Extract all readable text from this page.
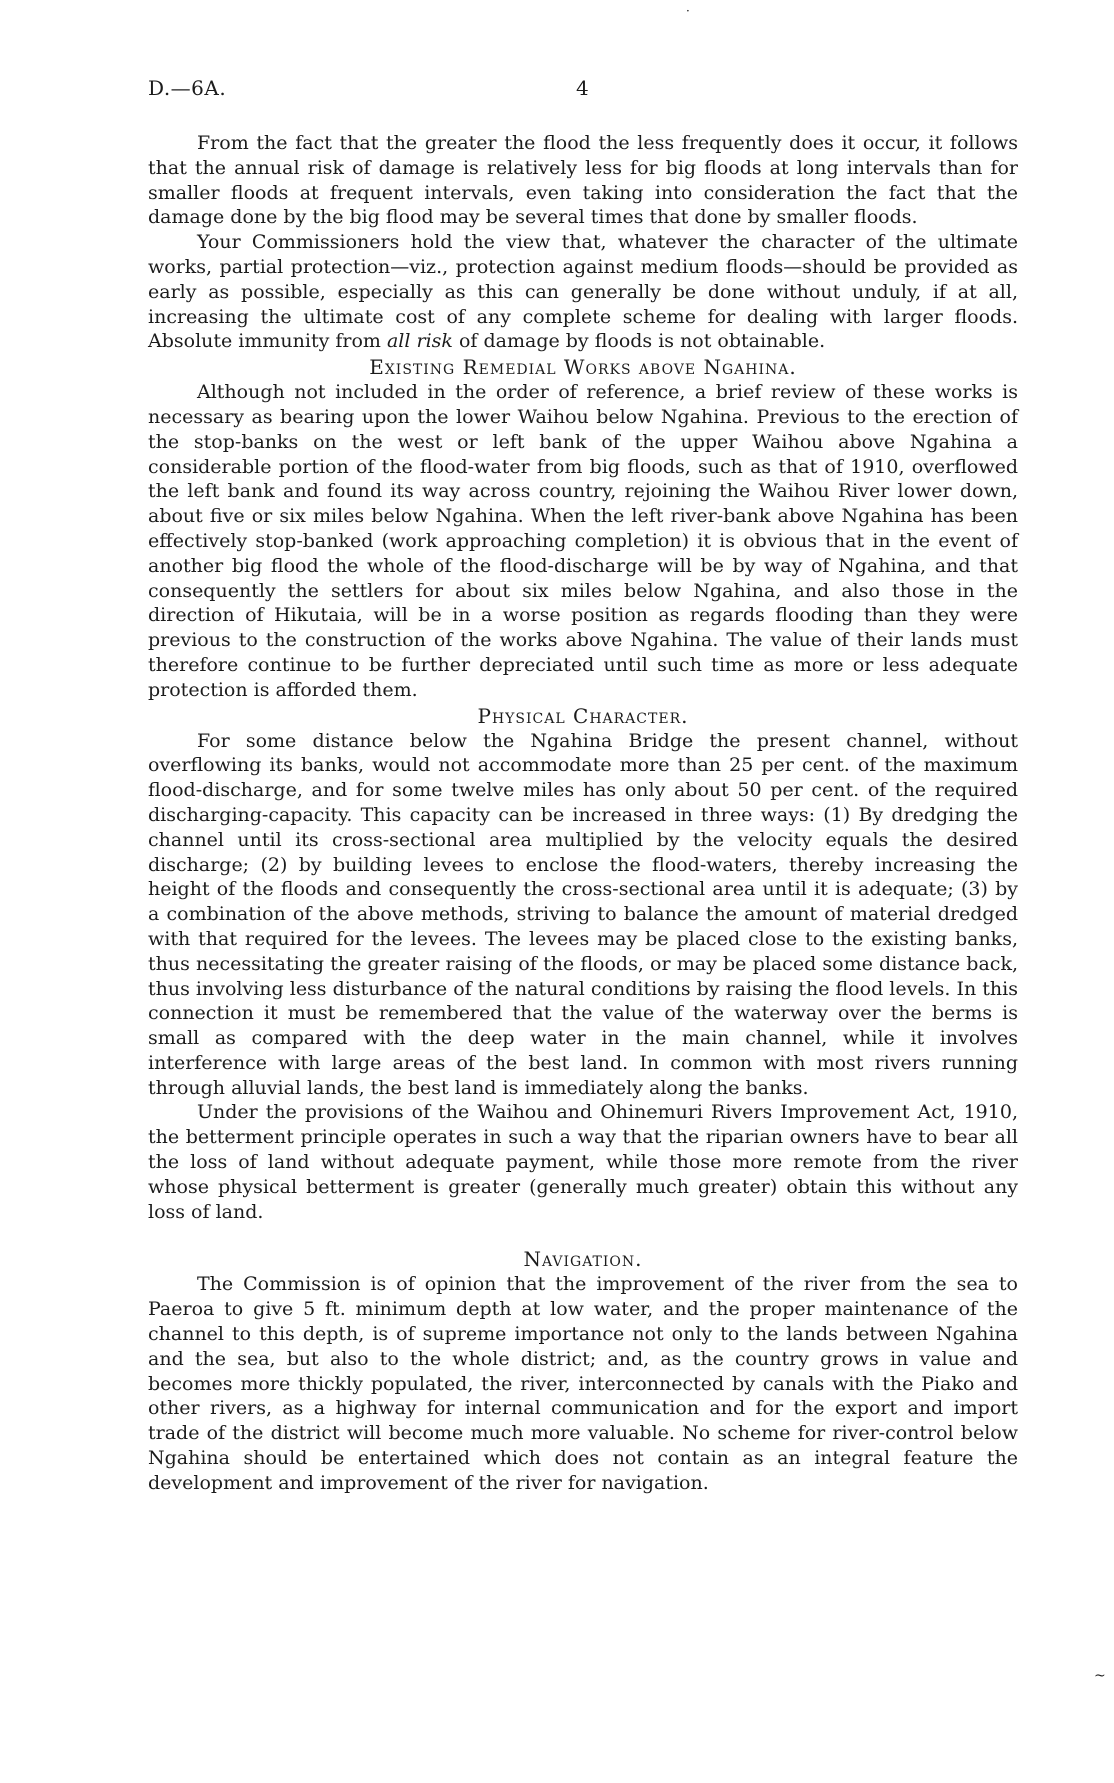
·
D.—6A.	4

From the fact that the greater the flood the less frequently does it occur, it follows that the annual risk of damage is relatively less for big floods at long intervals than for smaller floods at frequent intervals, even taking into consideration the fact that the damage done by the big flood may be several times that done by smaller floods.

Your Commissioners hold the view that, whatever the character of the ultimate works, partial protection—viz., protection against medium floods—should be provided as early as possible, especially as this can generally be done without unduly, if at all, increasing the ultimate cost of any complete scheme for dealing with larger floods. Absolute immunity from all risk of damage by floods is not obtainable.

Existing Remedial Works above Ngahina.

Although not included in the order of reference, a brief review of these works is necessary as bearing upon the lower Waihou below Ngahina. Previous to the erection of the stop-banks on the west or left bank of the upper Waihou above Ngahina a considerable portion of the flood-water from big floods, such as that of 1910, overflowed the left bank and found its way across country, rejoining the Waihou River lower down, about five or six miles below Ngahina. When the left river-bank above Ngahina has been effectively stop-banked (work approaching completion) it is obvious that in the event of another big flood the whole of the flood-discharge will be by way of Ngahina, and that consequently the settlers for about six miles below Ngahina, and also those in the direction of Hikutaia, will be in a worse position as regards flooding than they were previous to the construction of the works above Ngahina. The value of their lands must therefore continue to be further depreciated until such time as more or less adequate protection is afforded them.

Physical Character.

For some distance below the Ngahina Bridge the present channel, without overflowing its banks, would not accommodate more than 25 per cent. of the maximum flood-discharge, and for some twelve miles has only about 50 per cent. of the required discharging-capacity. This capacity can be increased in three ways: (1) By dredging the channel until its cross-sectional area multiplied by the velocity equals the desired discharge; (2) by building levees to enclose the flood-waters, thereby increasing the height of the floods and consequently the cross-sectional area until it is adequate; (3) by a combination of the above methods, striving to balance the amount of material dredged with that required for the levees. The levees may be placed close to the existing banks, thus necessitating the greater raising of the floods, or may be placed some distance back, thus involving less disturbance of the natural conditions by raising the flood levels. In this connection it must be remembered that the value of the waterway over the berms is small as compared with the deep water in the main channel, while it involves interference with large areas of the best land. In common with most rivers running through alluvial lands, the best land is immediately along the banks.

Under the provisions of the Waihou and Ohinemuri Rivers Improvement Act, 1910, the betterment principle operates in such a way that the riparian owners have to bear all the loss of land without adequate payment, while those more remote from the river whose physical betterment is greater (generally much greater) obtain this without any loss of land.

Navigation.

The Commission is of opinion that the improvement of the river from the sea to Paeroa to give 5 ft. minimum depth at low water, and the proper maintenance of the channel to this depth, is of supreme importance not only to the lands between Ngahina and the sea, but also to the whole district; and, as the country grows in value and becomes more thickly populated, the river, interconnected by canals with the Piako and other rivers, as a highway for internal communication and for the export and import trade of the district will become much more valuable. No scheme for river-control below Ngahina should be entertained which does not contain as an integral feature the development and improvement of the river for navigation.

~
